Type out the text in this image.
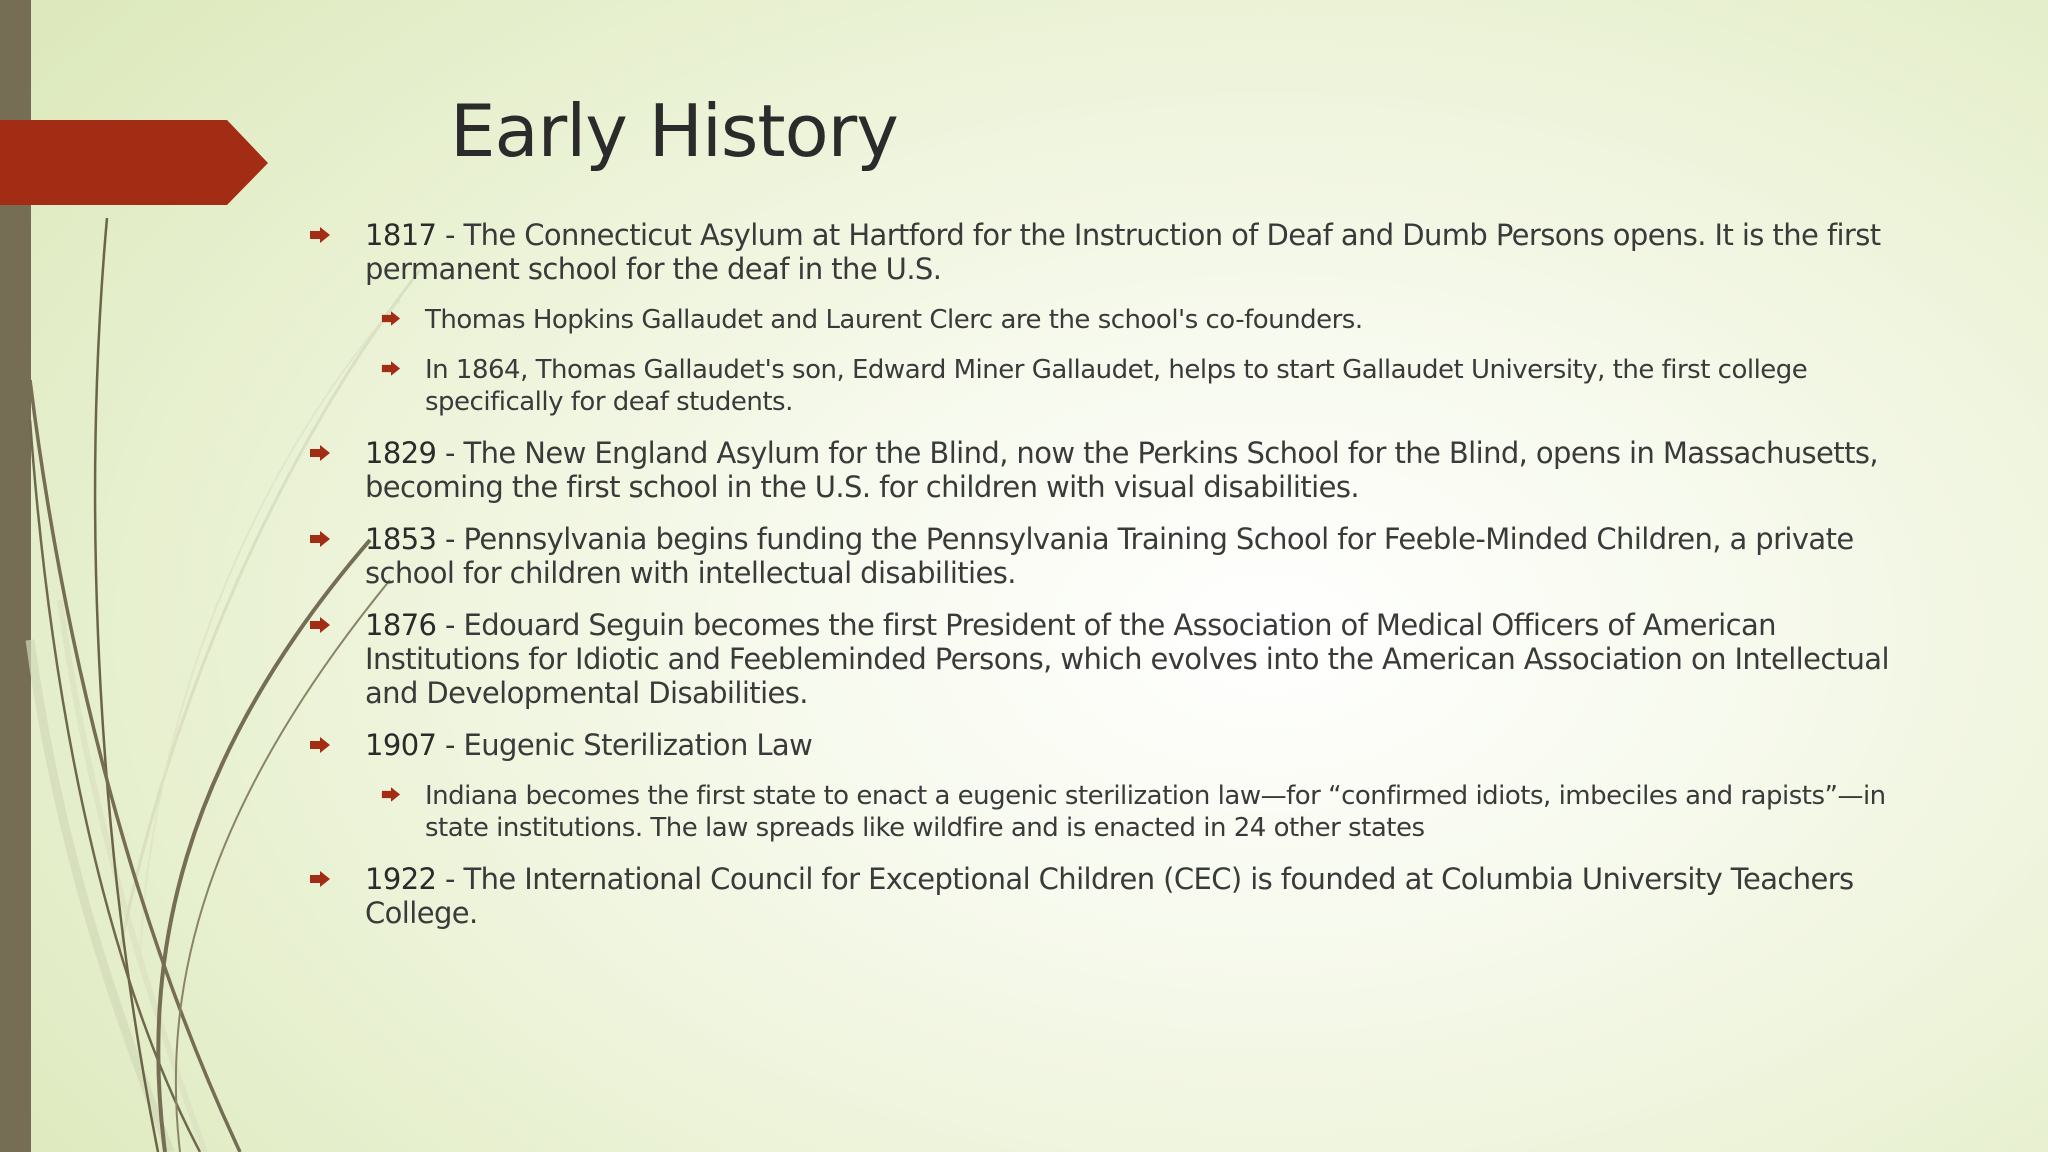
Early History
1817 - The Connecticut Asylum at Hartford for the Instruction of Deaf and Dumb Persons opens. It is the first permanent school for the deaf in the U.S.
Thomas Hopkins Gallaudet and Laurent Clerc are the school's co-founders.
In 1864, Thomas Gallaudet's son, Edward Miner Gallaudet, helps to start Gallaudet University, the first college specifically for deaf students.
1829 - The New England Asylum for the Blind, now the Perkins School for the Blind, opens in Massachusetts, becoming the first school in the U.S. for children with visual disabilities.
1853 - Pennsylvania begins funding the Pennsylvania Training School for Feeble-Minded Children, a private school for children with intellectual disabilities.
1876 - Edouard Seguin becomes the first President of the Association of Medical Officers of American Institutions for Idiotic and Feebleminded Persons, which evolves into the American Association on Intellectual and Developmental Disabilities.
1907 - Eugenic Sterilization Law
Indiana becomes the first state to enact a eugenic sterilization law—for “confirmed idiots, imbeciles and rapists”—in state institutions. The law spreads like wildfire and is enacted in 24 other states
1922 - The International Council for Exceptional Children (CEC) is founded at Columbia University Teachers College.
